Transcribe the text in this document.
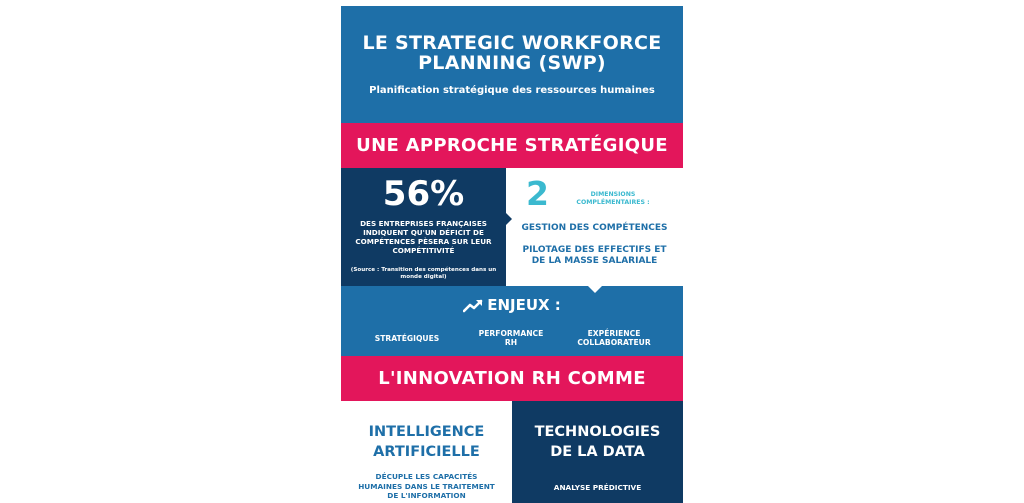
LE STRATEGIC WORKFORCE
PLANNING (SWP)
Planification stratégique des ressources humaines
UNE APPROCHE STRATÉGIQUE
56%
DES ENTREPRISES FRANÇAISES
INDIQUENT QU'UN DÉFICIT DE
COMPÉTENCES PÈSERA SUR LEUR
COMPÉTITIVITÉ
(Source : Transition des compétences dans un
monde digital)
2	DIMENSIONS
COMPLÉMENTAIRES :
GESTION DES COMPÉTENCES
PILOTAGE DES EFFECTIFS ET
DE LA MASSE SALARIALE
ENJEUX :
STRATÉGIQUES
PERFORMANCE
RH
EXPÉRIENCE
COLLABORATEUR
L'INNOVATION RH COMME
INTELLIGENCE
ARTIFICIELLE
DÉCUPLE LES CAPACITÉS
HUMAINES DANS LE TRAITEMENT
DE L'INFORMATION
TECHNOLOGIES
DE LA DATA
ANALYSE PRÉDICTIVE
